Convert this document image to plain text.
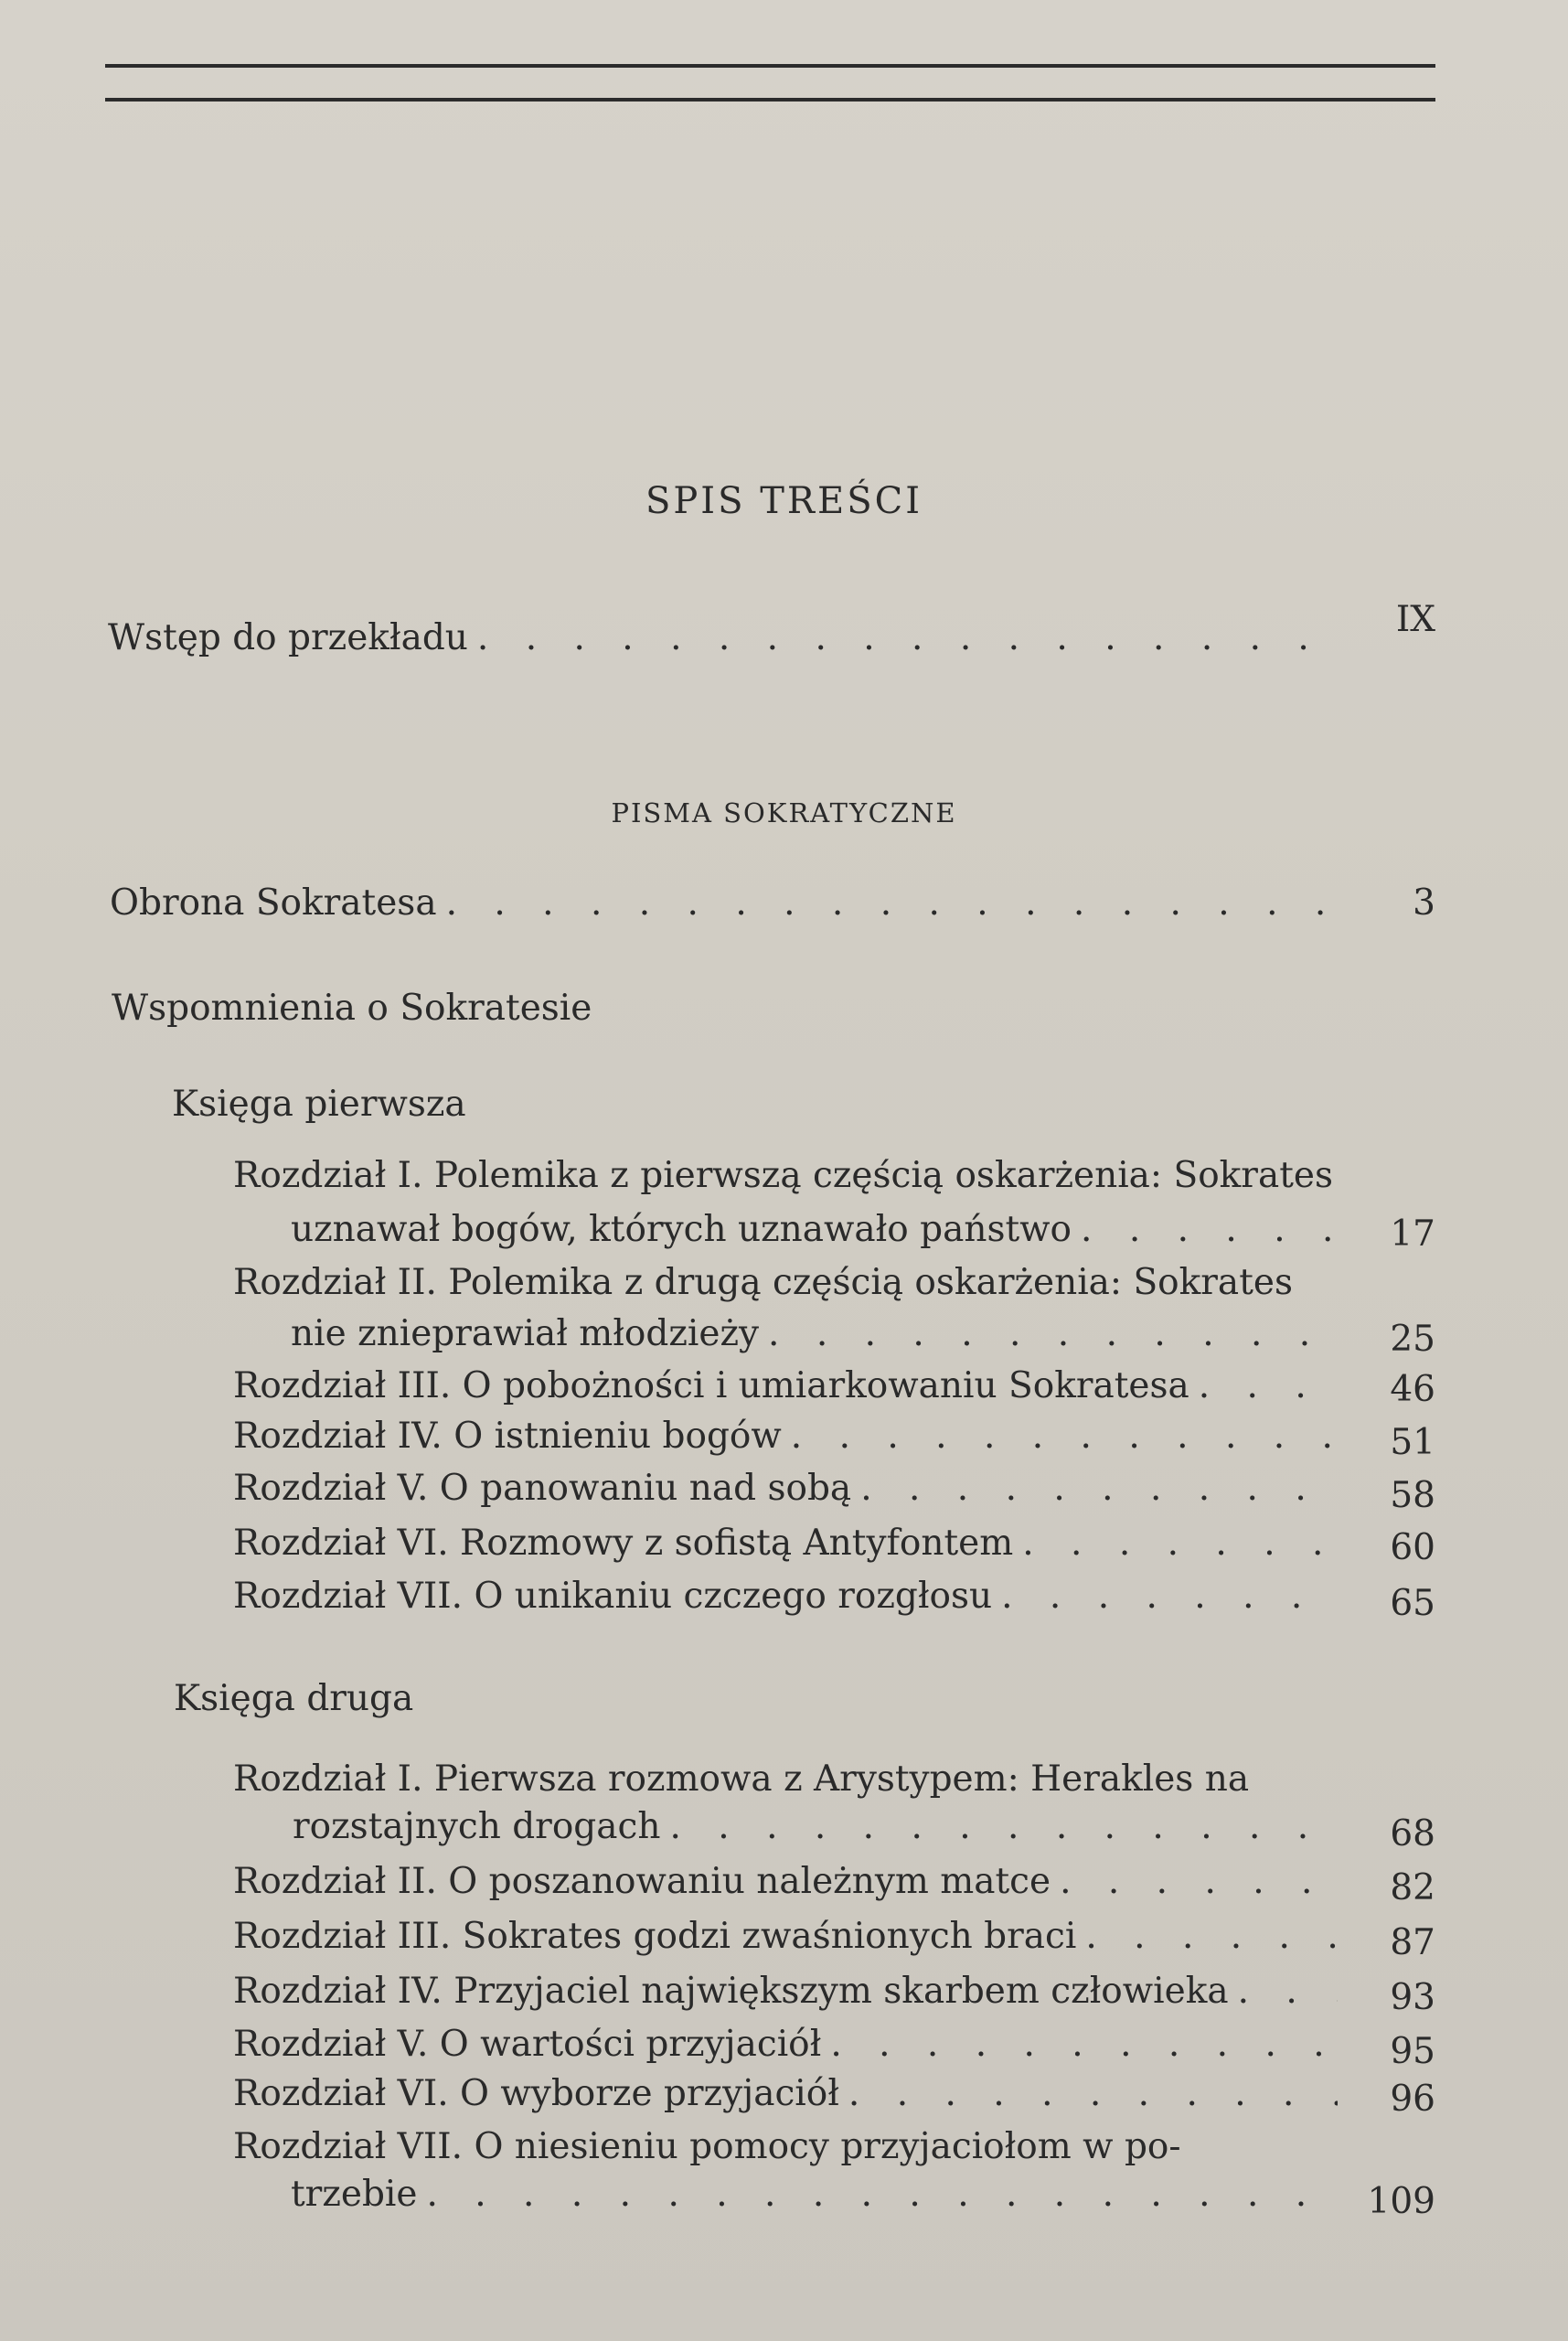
SPIS TREŚCI
Wstęp do przekładu . . .	IX
PISMA SOKRATYCZNE
Obrona Sokratesa . . .	3
Wspomnienia o Sokratesie
Księga pierwsza
Rozdział I. Polemika z pierwszą częścią oskarżenia: Sokrates
uznawał bogów, których uznawało państwo . . .	17
Rozdział II. Polemika z drugą częścią oskarżenia: Sokrates
nie zniepraw‌iał młodzieży . . .	25
Rozdział III. O pobożności i umiarkowaniu Sokratesa . . .	46
Rozdział IV. O istnieniu bogów . . .	51
Rozdział V. O panowaniu nad sobą . . .	58
Rozdział VI. Rozmowy z sofistą Antyfontem . . .	60
Rozdział VII. O unikaniu czczego rozgłosu . . .	65
Księga druga
Rozdział I. Pierwsza rozmowa z Arystypem: Herakles na
rozstajnych drogach . . .	68
Rozdział II. O poszanowaniu należnym matce . . .	82
Rozdział III. Sokrates godzi zwaśnionych braci . . .	87
Rozdział IV. Przyjaciel największym skarbem człowieka . . .	93
Rozdział V. O wartości przyjaciół . . .	95
Rozdział VI. O wyborze przyjaciół . . .	96
Rozdział VII. O niesieniu pomocy przyjaciołom w po-
trzebie . . .	109
